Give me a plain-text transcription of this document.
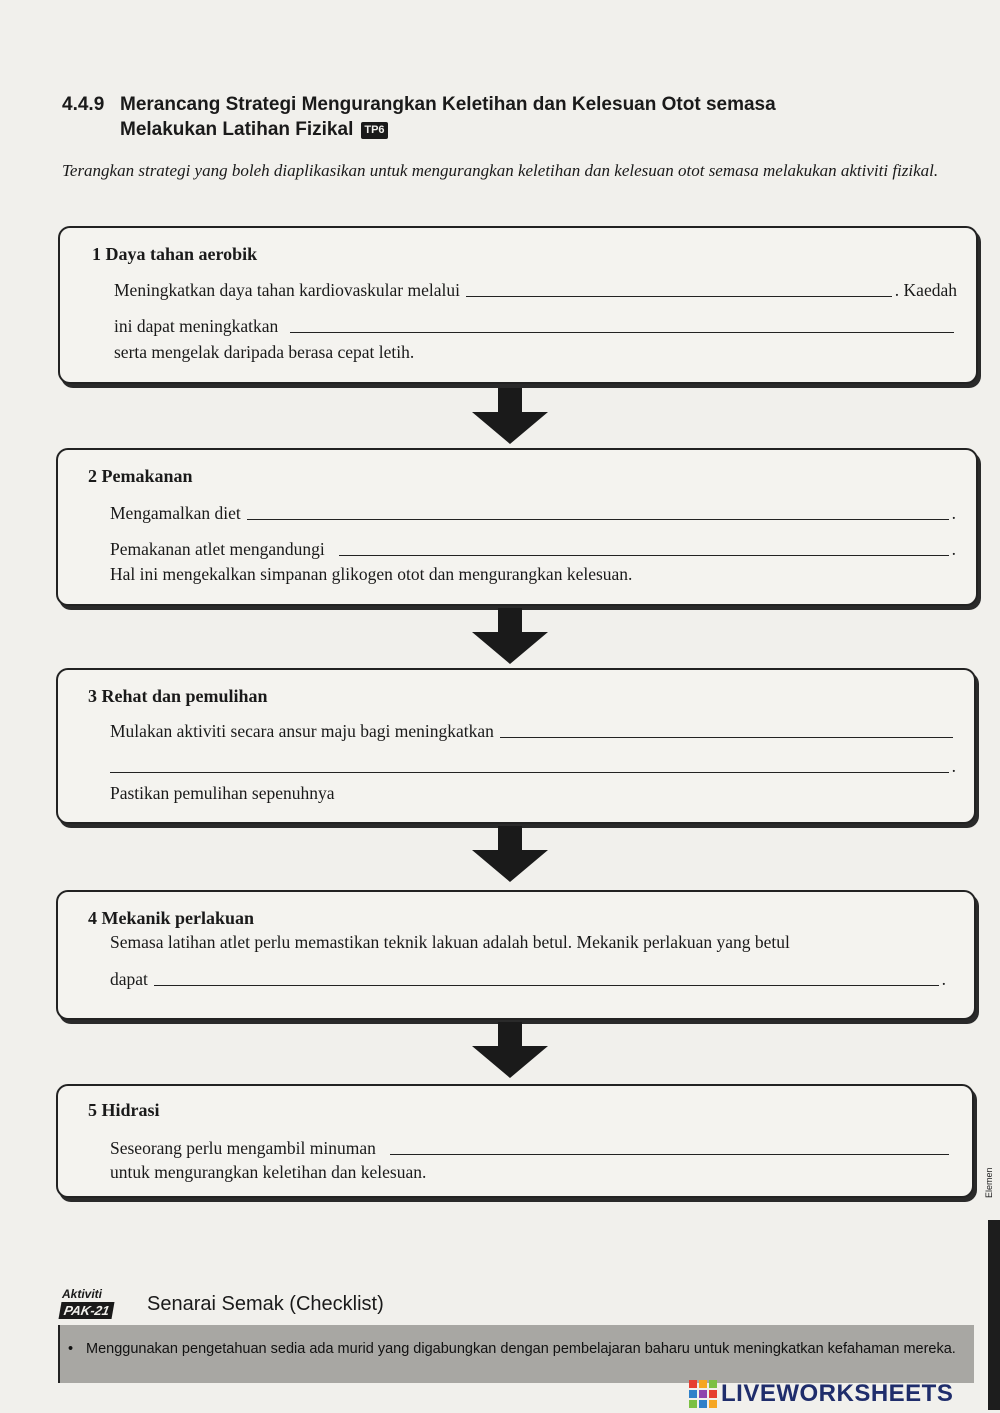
4.4.9 Merancang Strategi Mengurangkan Keletihan dan Kelesuan Otot semasa
Melakukan Latihan Fizikal TP6
Terangkan strategi yang boleh diaplikasikan untuk mengurangkan keletihan dan kelesuan otot semasa melakukan aktiviti fizikal.
1 Daya tahan aerobik
Meningkatkan daya tahan kardiovaskular melalui	. Kaedah
ini dapat meningkatkan
serta mengelak daripada berasa cepat letih.
2 Pemakanan
Mengamalkan diet	.
Pemakanan atlet mengandungi	.
Hal ini mengekalkan simpanan glikogen otot dan mengurangkan kelesuan.
3 Rehat dan pemulihan
Mulakan aktiviti secara ansur maju bagi meningkatkan
.
Pastikan pemulihan sepenuhnya
4 Mekanik perlakuan
Semasa latihan atlet perlu memastikan teknik lakuan adalah betul. Mekanik perlakuan yang betul
dapat	.
5 Hidrasi
Seseorang perlu mengambil minuman
untuk mengurangkan keletihan dan kelesuan.	Elemen
Aktiviti
PAK-21 Senarai Semak (Checklist)
• Menggunakan pengetahuan sedia ada murid yang digabungkan dengan pembelajaran baharu untuk meningkatkan kefahaman mereka.
LIVEWORKSHEETS
